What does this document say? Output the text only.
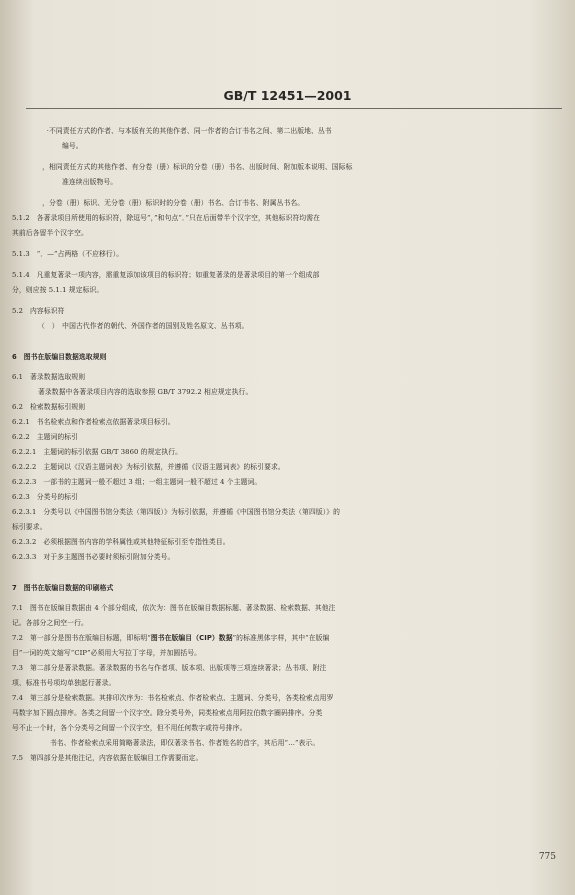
GB/T 12451—2001
·不同责任方式的作者、与本版有关的其他作者、同一作者的合订书名之间、第二出版地、丛书
编号。
，相同责任方式的其他作者、有分卷（册）标识的分卷（册）书名、出版时间、附加版本说明、国际标
准连续出版物号。
，分卷（册）标识、无分卷（册）标识时的分卷（册）书名、合订书名、附属丛书名。
5.1.2　各著录项目所使用的标识符，除逗号“，”和句点“．”只在后面带半个汉字空，其他标识符均需在
其前后各留半个汉字空。
5.1.3　“．—”占两格（不应移行）。
5.1.4　凡重复著录一项内容，需重复添加该项目的标识符；如重复著录的是著录项目的第一个组成部
分，则应按 5.1.1 规定标识。
5.2　内容标识符
（　）　中国古代作者的朝代、外国作者的国别及姓名原文、丛书项。
6　图书在版编目数据选取规则
6.1　著录数据选取规则
著录数据中各著录项目内容的选取参照 GB/T 3792.2 相应规定执行。
6.2　检索数据标引规则
6.2.1　书名检索点和作者检索点依据著录项目标引。
6.2.2　主题词的标引
6.2.2.1　主题词的标引依据 GB/T 3860 的规定执行。
6.2.2.2　主题词以《汉语主题词表》为标引依据，并遵循《汉语主题词表》的标引要求。
6.2.2.3　一部书的主题词一般不超过 3 组；一组主题词一般不超过 4 个主题词。
6.2.3　分类号的标引
6.2.3.1　分类号以《中国图书馆分类法（第四版）》为标引依据，并遵循《中国图书馆分类法（第四版）》的
标引要求。
6.2.3.2　必须根据图书内容的学科属性或其他特征标引至专指性类目。
6.2.3.3　对于多主题图书必要时须标引附加分类号。
7　图书在版编目数据的印刷格式
7.1　图书在版编目数据由 4 个部分组成，依次为：图书在版编目数据标题、著录数据、检索数据、其他注
记。各部分之间空一行。
7.2　第一部分是图书在版编目标题，即标明“图书在版编目（CIP）数据”的标准黑体字样，其中“在版编
目”一词的英文缩写“CIP”必须用大写拉丁字母，并加圆括号。
7.3　第二部分是著录数据。著录数据的书名与作者项、版本项、出版项等三项连续著录；丛书项、附注
项、标准书号项均单独起行著录。
7.4　第三部分是检索数据。其排印次序为：书名检索点、作者检索点、主题词、分类号，各类检索点用罗
马数字加下圆点排序。各类之间留一个汉字空。除分类号外，同类检索点用阿拉伯数字圈码排序。分类
号不止一个时，各个分类号之间留一个汉字空，但不用任何数字或符号排序。
书名、作者检索点采用简略著录法，即仅著录书名、作者姓名的首字，其后用“…”表示。
7.5　第四部分是其他注记，内容依据在版编目工作需要而定。
775
